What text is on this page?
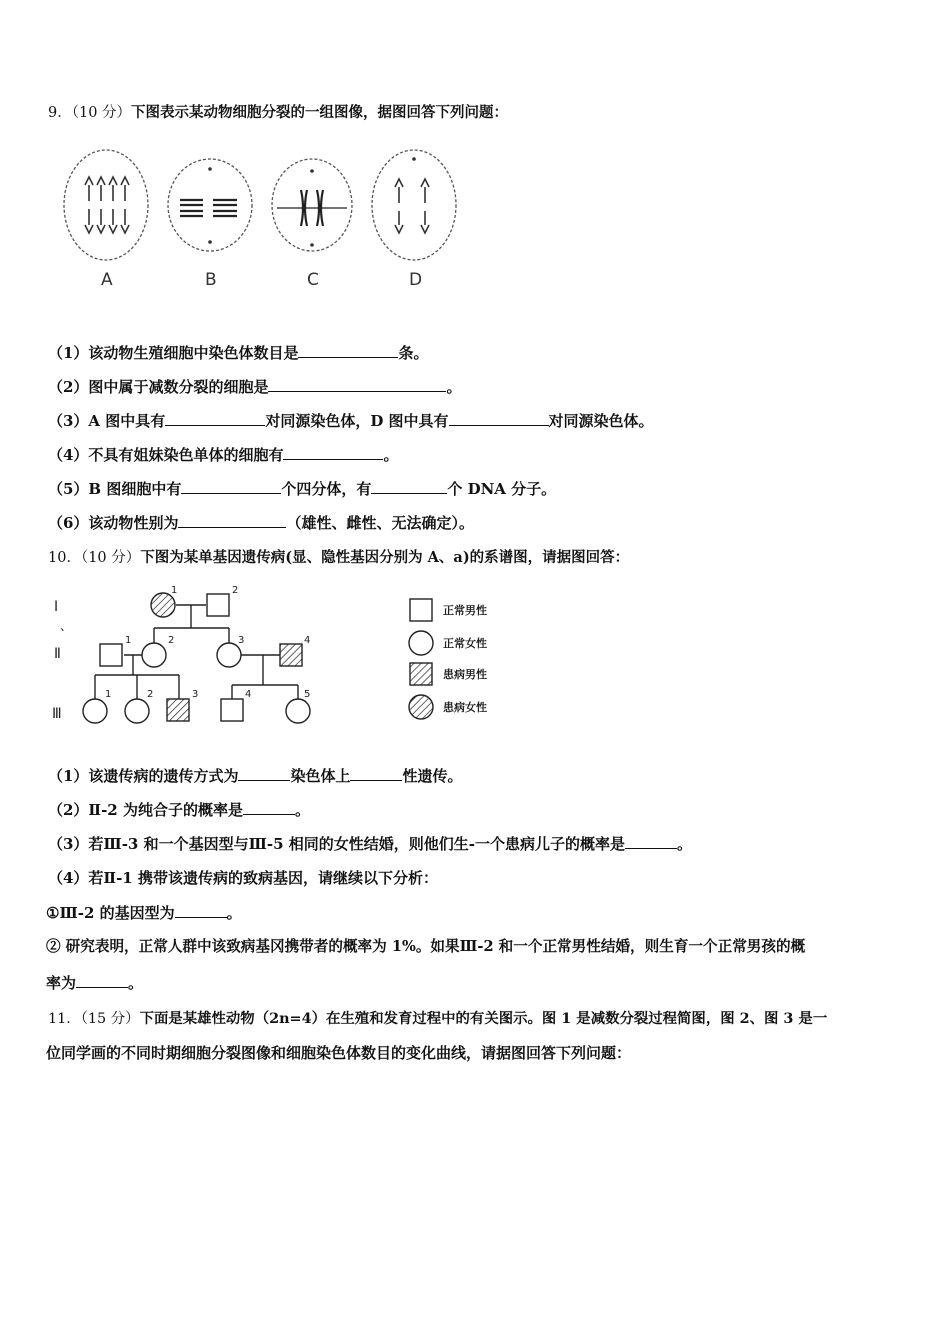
9．（10 分）下图表示某动物细胞分裂的一组图像，据图回答下列问题：
A	B	C	D
（1）该动物生殖细胞中染色体数目是	条。
（2）图中属于减数分裂的细胞是	。
（3）A 图中具有	对同源染色体，D 图中具有	对同源染色体。
（4）不具有姐妹染色单体的细胞有	。
（5）B 图细胞中有	个四分体，有	个 DNA 分子。
（6）该动物性别为	（雄性、雌性、无法确定）。
10．（10 分）下图为某单基因遗传病(显、隐性基因分别为 A、a)的系谱图，请据图回答：
Ⅰ
、
Ⅱ
Ⅲ
1	2
1	2	3	4
1	2	3	4	5
正常男性
正常女性
患病男性
患病女性
（1）该遗传病的遗传方式为	染色体上	性遗传。
（2）Ⅱ-2 为纯合子的概率是	。
（3）若Ⅲ-3 和一个基因型与Ⅲ-5 相同的女性结婚，则他们生-一个患病儿子的概率是	。
（4）若Ⅱ-1 携带该遗传病的致病基因，请继续以下分析：
①Ⅲ-2 的基因型为	。
② 研究表明，正常人群中该致病基冈携带者的概率为 1%。如果Ⅲ-2 和一个正常男性结婚，则生育一个正常男孩的概
率为	。
11．（15 分）下面是某雄性动物（2n=4）在生殖和发育过程中的有关图示。图 1 是减数分裂过程简图，图 2、图 3 是一
位同学画的不同时期细胞分裂图像和细胞染色体数目的变化曲线，请据图回答下列问题：
